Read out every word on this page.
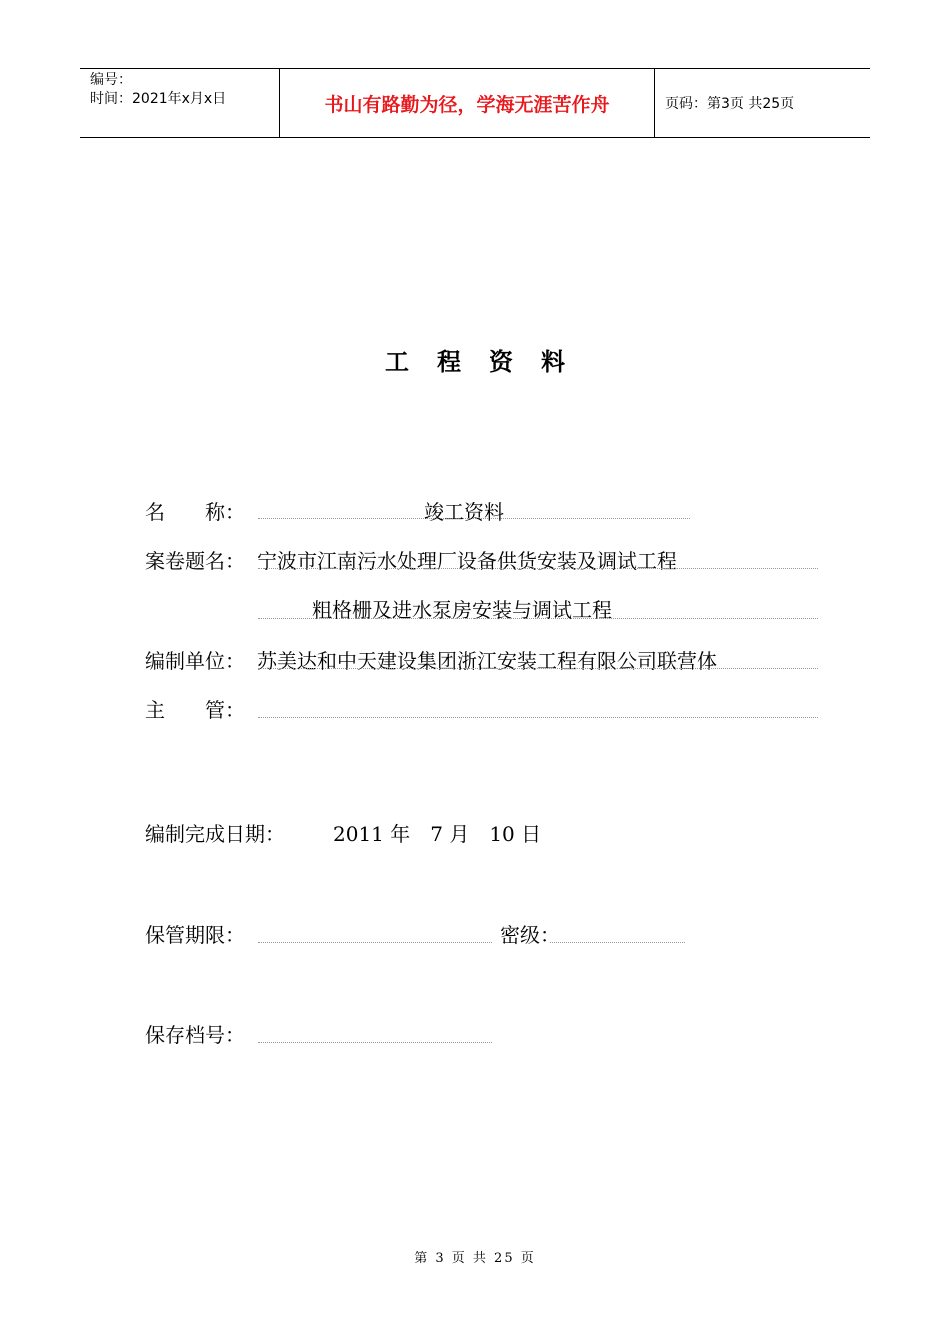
编号：
时间：2021年x月x日	书山有路勤为径，学海无涯苦作舟	页码：第3页 共25页
工程资料
名　　称：	竣工资料
案卷题名： 宁波市江南污水处理厂设备供货安装及调试工程
粗格栅及进水泵房安装与调试工程
编制单位： 苏美达和中天建设集团浙江安装工程有限公司联营体
主　　管：
编制完成日期： 2011 年　7 月　10 日
保管期限：	密级：
保存档号：
第 3 页 共 25 页
